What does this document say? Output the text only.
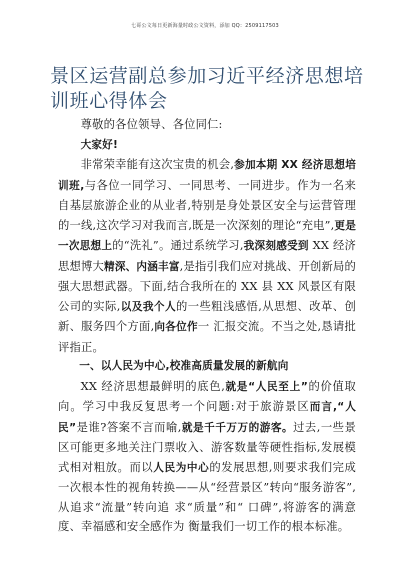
七哥公文每日更新海量时政公文资料，添加 QQ：2509117503
景区运营副总参加习近平经济思想培训班心得体会

尊敬的各位领导、各位同仁:

大家好!

非常荣幸能有这次宝贵的机会,参加本期 XX 经济思想培训班,与各位一同学习、一同思考、一同进步。作为一名来自基层旅游企业的从业者,特别是身处景区安全与运营管理的一线,这次学习对我而言,既是一次深刻的理论“充电”,更是一次思想上的“洗礼”。通过系统学习,我深刻感受到 XX 经济思想博大精深、内涵丰富,是指引我们应对挑战、开创新局的强大思想武器。下面,结合我所在的 XX 县 XX 风景区有限公司的实际,以及我个人的一些粗浅感悟,从思想、改革、创新、服务四个方面,向各位作一 汇报交流。不当之处,恳请批评指正。

一、以人民为中心,校准高质量发展的新航向

XX 经济思想最鲜明的底色,就是“人民至上”的价值取向。学习中我反复思考一个问题:对于旅游景区而言,“人民”是谁?答案不言而喻,就是千千万万的游客。过去,一些景区可能更多地关注门票收入、游客数量等硬性指标,发展模式相对粗放。而以人民为中心的发展思想,则要求我们完成一次根本性的视角转换——从“经营景区”转向“服务游客”,从追求“流量”转向追 求“质量”和“ 口碑”,将游客的满意度、幸福感和安全感作为 衡量我们一切工作的根本标准。
